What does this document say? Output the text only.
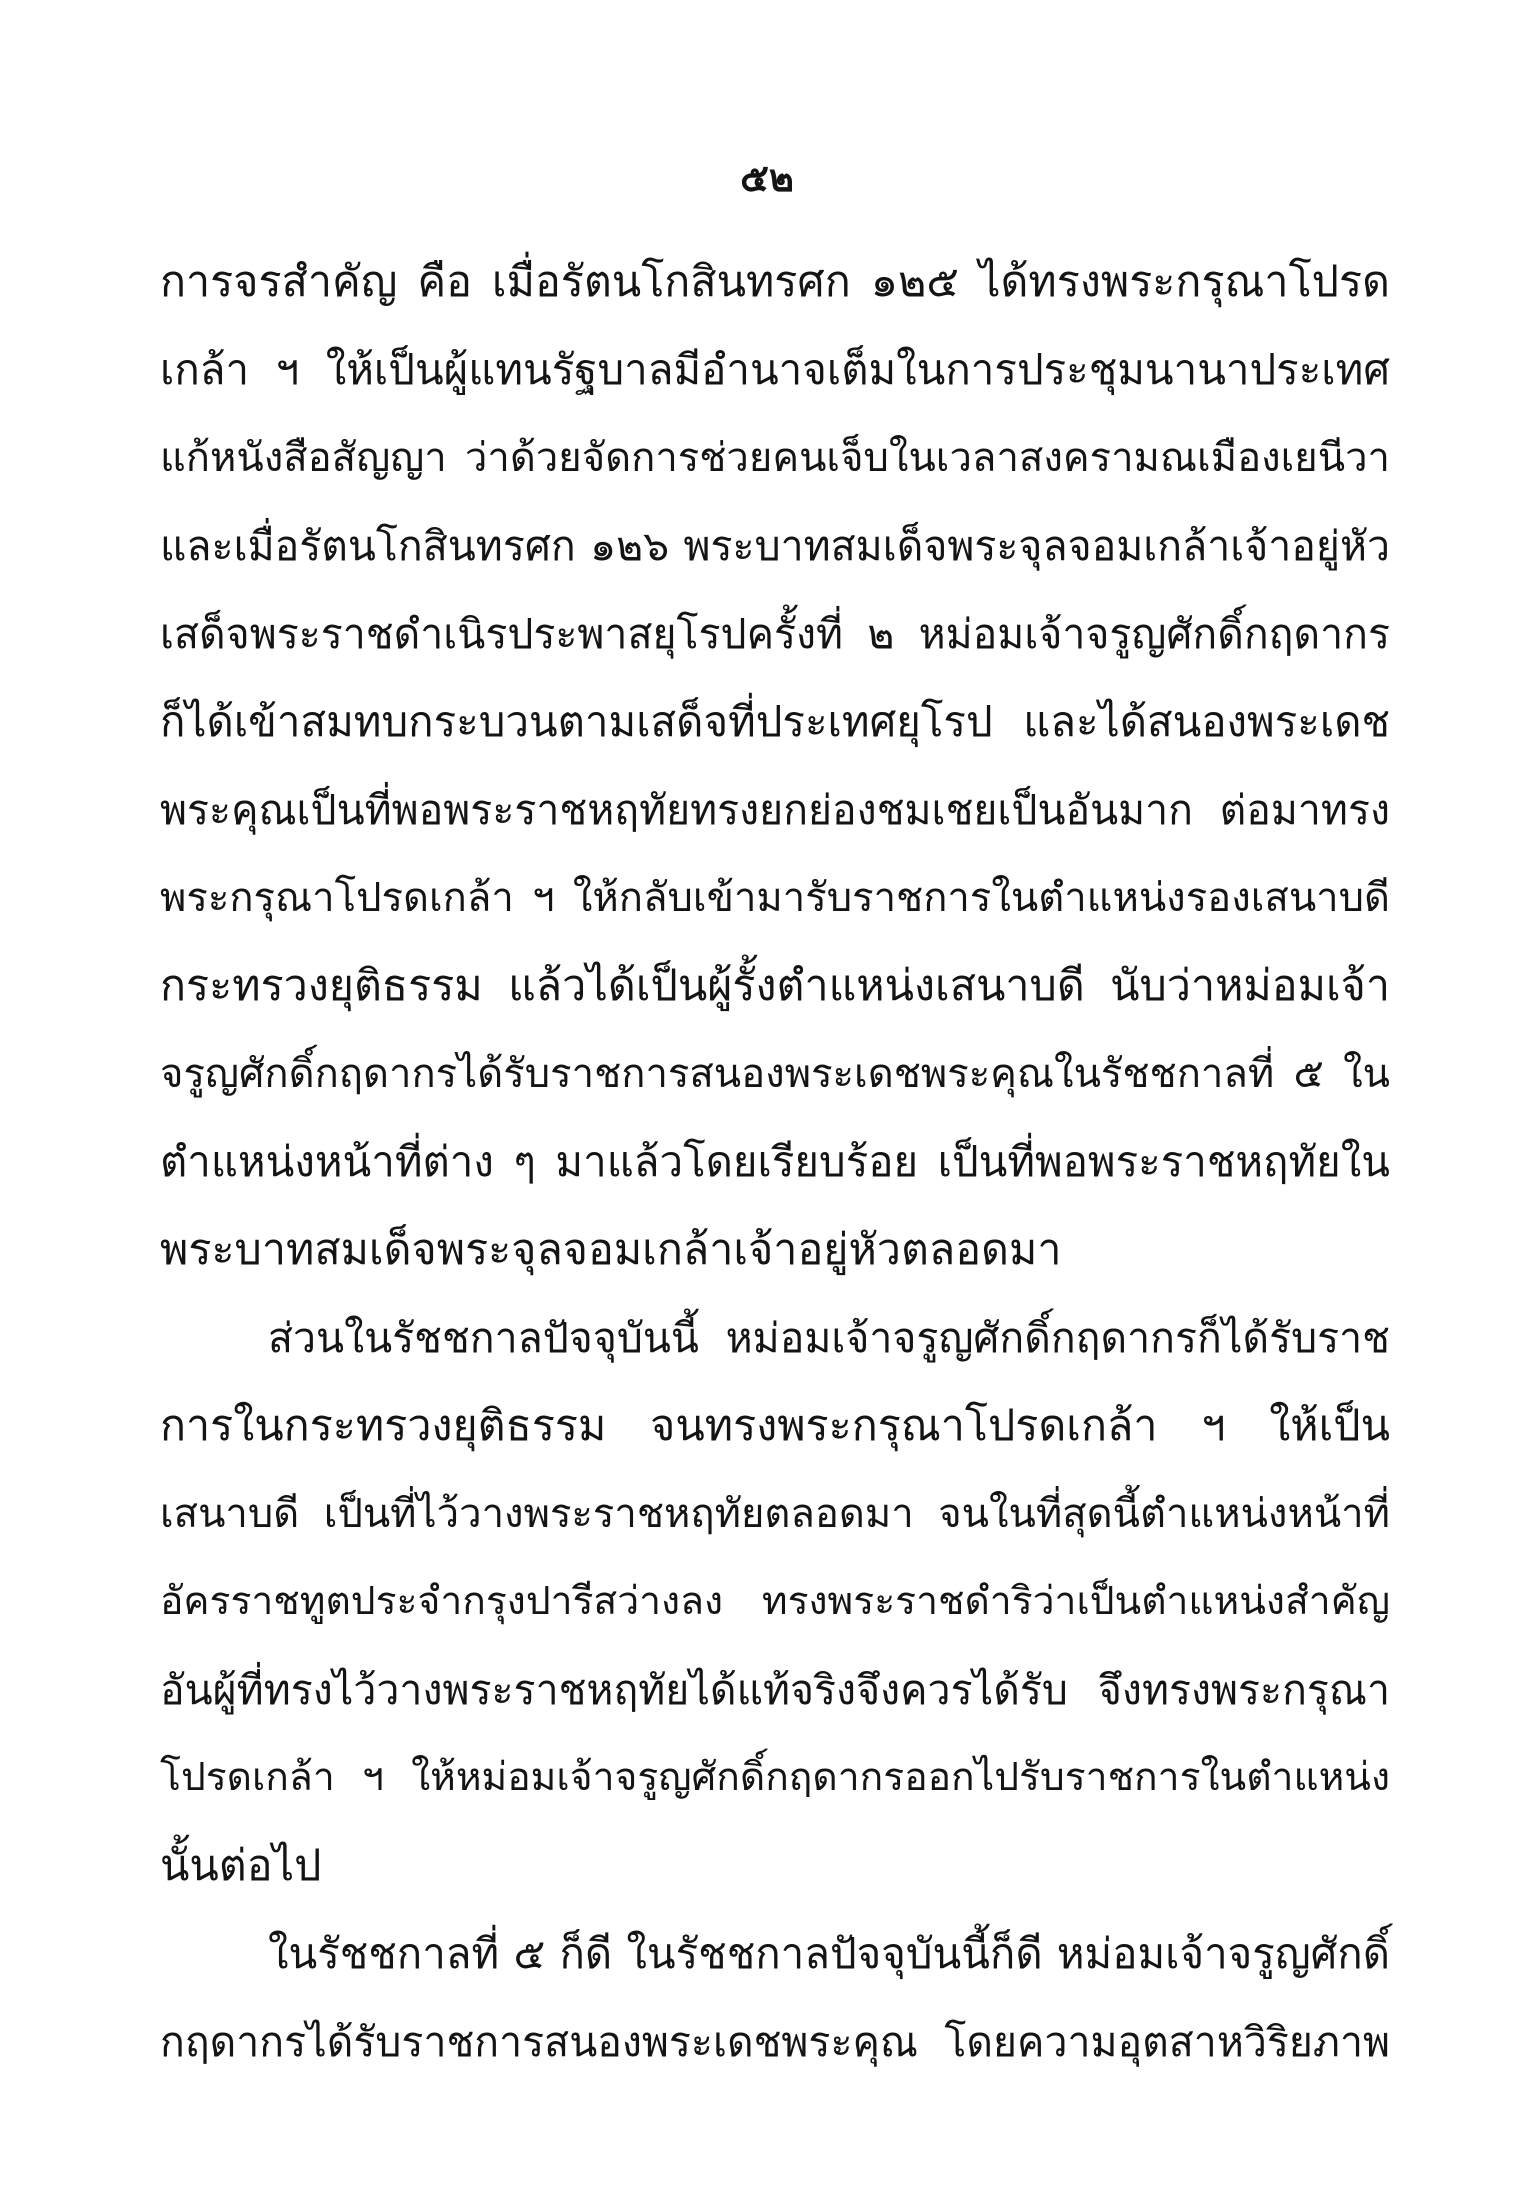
๕๒
การจรสำคัญ คือ เมื่อรัตนโกสินทรศก ๑๒๕ ได้ทรงพระกรุณาโปรด
เกล้า ฯ ให้เป็นผู้แทนรัฐบาลมีอำนาจเต็มในการประชุมนานาประเทศ
แก้หนังสือสัญญา ว่าด้วยจัดการช่วยคนเจ็บในเวลาสงครามณเมืองเยนีวา
และเมื่อรัตนโกสินทรศก ๑๒๖ พระบาทสมเด็จพระจุลจอมเกล้าเจ้าอยู่หัว
เสด็จพระราชดำเนิรประพาสยุโรปครั้งที่ ๒ หม่อมเจ้าจรูญศักดิ์กฤดากร
ก็ได้เข้าสมทบกระบวนตามเสด็จที่ประเทศยุโรป และได้สนองพระเดช
พระคุณเป็นที่พอพระราชหฤทัยทรงยกย่องชมเชยเป็นอันมาก ต่อมาทรง
พระกรุณาโปรดเกล้า ฯ ให้กลับเข้ามารับราชการในตำแหน่งรองเสนาบดี
กระทรวงยุติธรรม แล้วได้เป็นผู้รั้งตำแหน่งเสนาบดี นับว่าหม่อมเจ้า
จรูญศักดิ์กฤดากรได้รับราชการสนองพระเดชพระคุณในรัชชกาลที่ ๕ ใน
ตำแหน่งหน้าที่ต่าง ๆ มาแล้วโดยเรียบร้อย เป็นที่พอพระราชหฤทัยใน
พระบาทสมเด็จพระจุลจอมเกล้าเจ้าอยู่หัวตลอดมา
ส่วนในรัชชกาลปัจจุบันนี้ หม่อมเจ้าจรูญศักดิ์กฤดากรก็ได้รับราช
การในกระทรวงยุติธรรม จนทรงพระกรุณาโปรดเกล้า ฯ ให้เป็น
เสนาบดี เป็นที่ไว้วางพระราชหฤทัยตลอดมา จนในที่สุดนี้ตำแหน่งหน้าที่
อัครราชทูตประจำกรุงปารีสว่างลง ทรงพระราชดำริว่าเป็นตำแหน่งสำคัญ
อันผู้ที่ทรงไว้วางพระราชหฤทัยได้แท้จริงจึงควรได้รับ จึงทรงพระกรุณา
โปรดเกล้า ฯ ให้หม่อมเจ้าจรูญศักดิ์กฤดากรออกไปรับราชการในตำแหน่ง
นั้นต่อไป
ในรัชชกาลที่ ๕ ก็ดี ในรัชชกาลปัจจุบันนี้ก็ดี หม่อมเจ้าจรูญศักดิ์
กฤดากรได้รับราชการสนองพระเดชพระคุณ โดยความอุตสาหวิริยภาพ
